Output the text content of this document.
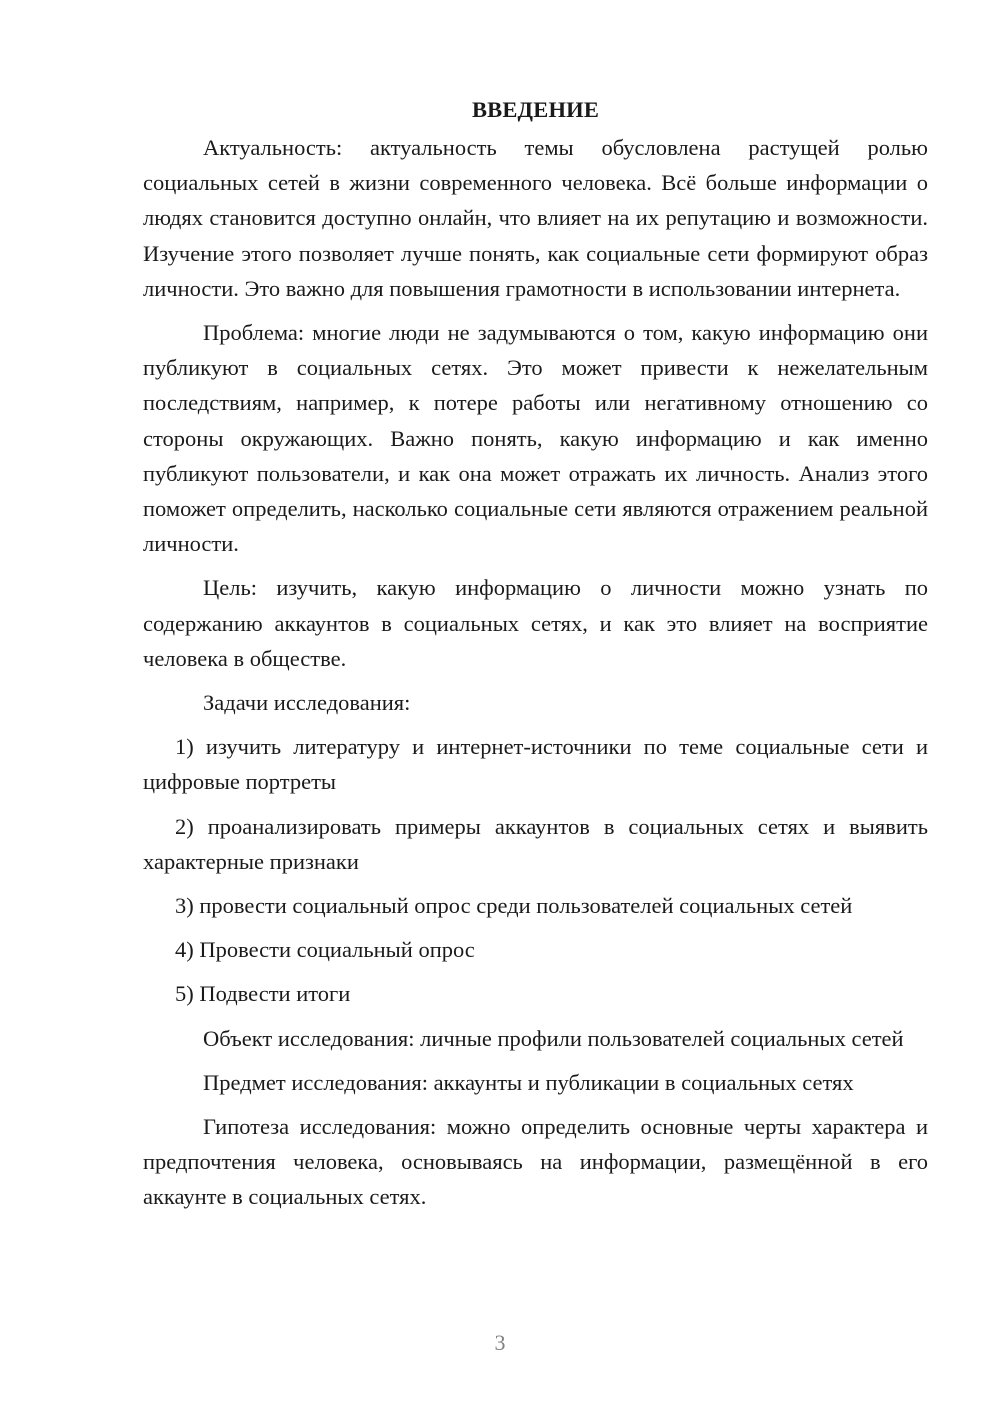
ВВЕДЕНИЕ

Актуальность: актуальность темы обусловлена растущей ролью социальных сетей в жизни современного человека. Всё больше информации о людях становится доступно онлайн, что влияет на их репутацию и возможности. Изучение этого позволяет лучше понять, как социальные сети формируют образ личности. Это важно для повышения грамотности в использовании интернета.

Проблема: многие люди не задумываются о том, какую информацию они публикуют в социальных сетях. Это может привести к нежелательным последствиям, например, к потере работы или негативному отношению со стороны окружающих. Важно понять, какую информацию и как именно публикуют пользователи, и как она может отражать их личность. Анализ этого поможет определить, насколько социальные сети являются отражением реальной личности.

Цель: изучить, какую информацию о личности можно узнать по содержанию аккаунтов в социальных сетях, и как это влияет на восприятие человека в обществе.

Задачи исследования:

1) изучить литературу и интернет-источники по теме социальные сети и цифровые портреты

2) проанализировать примеры аккаунтов в социальных сетях и выявить характерные признаки

3) провести социальный опрос среди пользователей социальных сетей

4) Провести социальный опрос

5) Подвести итоги

Объект исследования: личные профили пользователей социальных сетей

Предмет исследования: аккаунты и публикации в социальных сетях

Гипотеза исследования: можно определить основные черты характера и предпочтения человека, основываясь на информации, размещённой в его аккаунте в социальных сетях.

3
